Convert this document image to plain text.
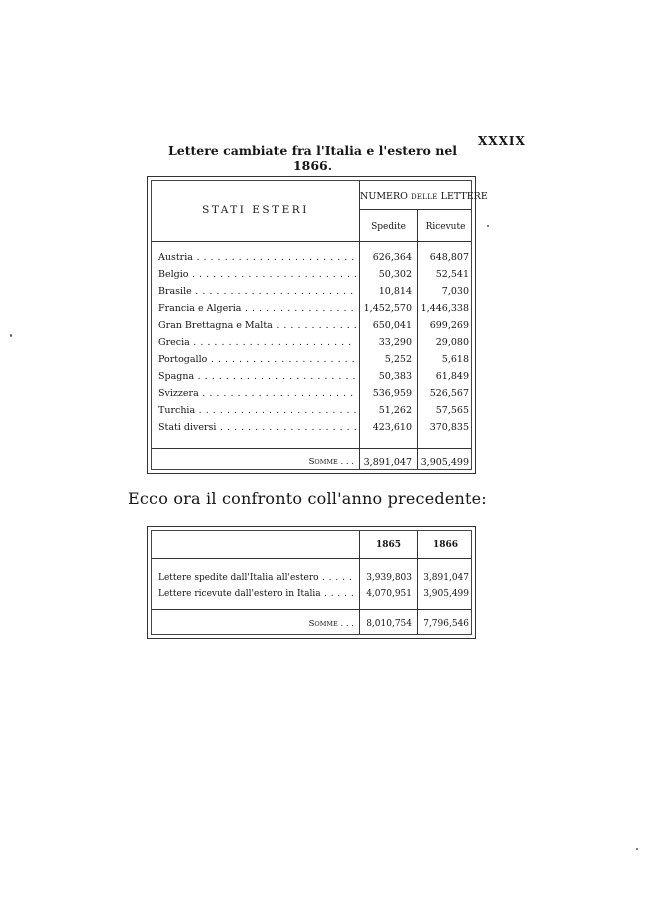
XXXIX
Lettere cambiate fra l'Italia e l'estero nel 1866.
STATI ESTERI
NUMERO DELLE LETTERE
Spedite	Ricevute
Austria . . .	626,364	648,807
Belgio . . .	50,302	52,541
Brasile . . .	10,814	7,030
Francia e Algeria . . .	1,452,570 1,446,338
Gran Brettagna e Malta . . .	650,041	699,269
Grecia . . .	33,290	29,080
Portogallo . . .	5,252	5,618
Spagna . . .	50,383	61,849
Svizzera . . .	536,959	526,567
Turchia . . .	51,262	57,565
Stati diversi . . .	423,610	370,835
SOMME . . .	3,891,047 3,905,499
Ecco ora il confronto coll'anno precedente:
1865	1866
Lettere spedite dall'Italia all'estero . . .	3,939,803	3,891,047
Lettere ricevute dall'estero in Italia . . .	4,070,951	3,905,499
SOMME . . .	8,010,754	7,796,546
